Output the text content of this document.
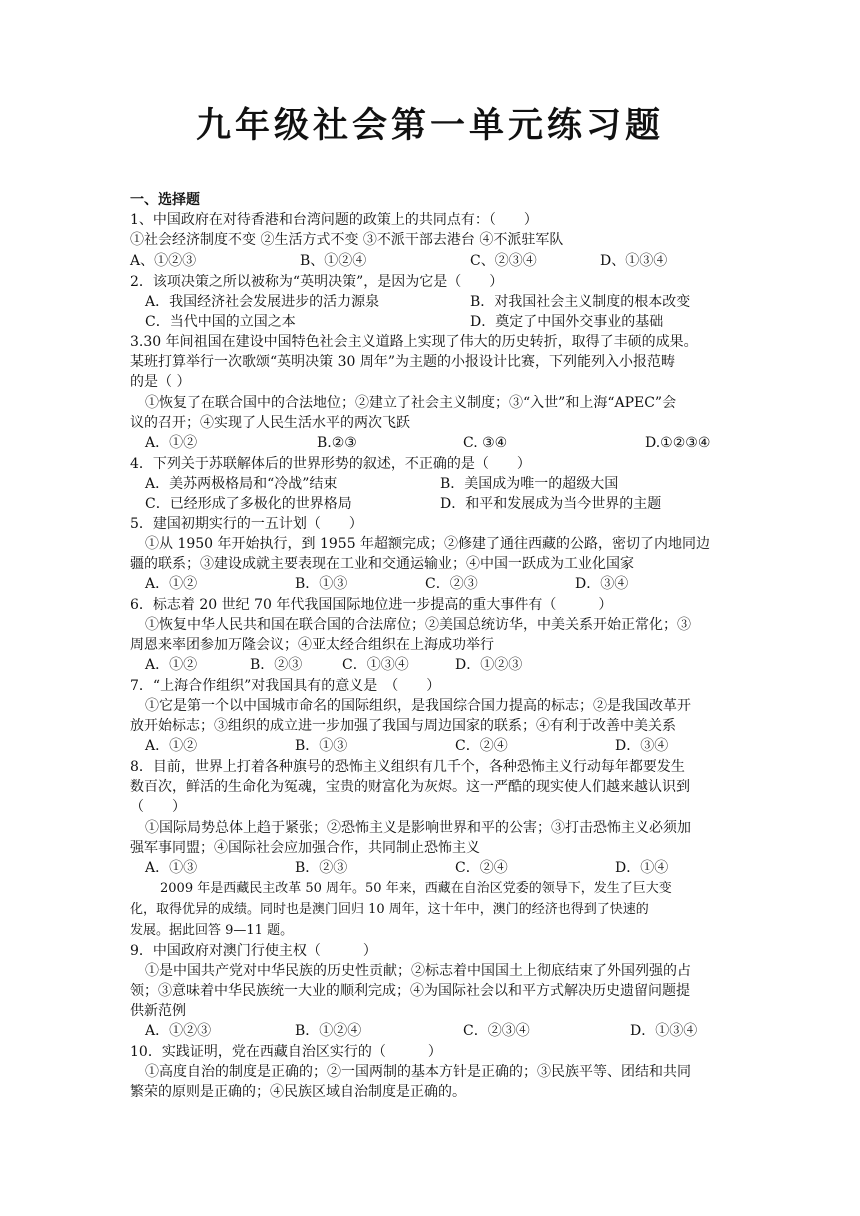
九年级社会第一单元练习题
一、选择题
1、中国政府在对待香港和台湾问题的政策上的共同点有：（　　）
①社会经济制度不变 ②生活方式不变 ③不派干部去港台 ④不派驻军队
A、①②③	B、①②④	C、②③④	D、①③④
2．该项决策之所以被称为“英明决策”，是因为它是（　　）
A．我国经济社会发展进步的活力源泉	B．对我国社会主义制度的根本改变
C．当代中国的立国之本	D．奠定了中国外交事业的基础
3.30 年间祖国在建设中国特色社会主义道路上实现了伟大的历史转折，取得了丰硕的成果。
某班打算举行一次歌颂“英明决策 30 周年”为主题的小报设计比赛，下列能列入小报范畴
的是（ ）
①恢复了在联合国中的合法地位；②建立了社会主义制度；③“入世”和上海“APEC”会
议的召开；④实现了人民生活水平的两次飞跃
A．①②	B.②③	C. ③④	D.①②③④
4．下列关于苏联解体后的世界形势的叙述，不正确的是（　　）
A．美苏两极格局和“冷战”结束	B．美国成为唯一的超级大国
C．已经形成了多极化的世界格局	D．和平和发展成为当今世界的主题
5．建国初期实行的一五计划（　　）
①从 1950 年开始执行，到 1955 年超额完成；②修建了通往西藏的公路，密切了内地同边
疆的联系；③建设成就主要表现在工业和交通运输业；④中国一跃成为工业化国家
A．①②	B．①③	C．②③	D．③④
6．标志着 20 世纪 70 年代我国国际地位进一步提高的重大事件有（　　　）
①恢复中华人民共和国在联合国的合法席位；②美国总统访华，中美关系开始正常化；③
周恩来率团参加万隆会议；④亚太经合组织在上海成功举行
A．①②	B．②③	C．①③④	D．①②③
7．“上海合作组织”对我国具有的意义是　（　　）
①它是第一个以中国城市命名的国际组织，是我国综合国力提高的标志；②是我国改革开
放开始标志；③组织的成立进一步加强了我国与周边国家的联系；④有利于改善中美关系
A．①②	B．①③	C．②④	D．③④
8．目前，世界上打着各种旗号的恐怖主义组织有几千个，各种恐怖主义行动每年都要发生
数百次，鲜活的生命化为冤魂，宝贵的财富化为灰烬。这一严酷的现实使人们越来越认识到
（　　）
①国际局势总体上趋于紧张；②恐怖主义是影响世界和平的公害；③打击恐怖主义必须加
强军事同盟；④国际社会应加强合作，共同制止恐怖主义
A．①③	B．②③	C．②④	D．①④
2009 年是西藏民主改革 50 周年。50 年来，西藏在自治区党委的领导下，发生了巨大变
化，取得优异的成绩。同时也是澳门回归 10 周年，这十年中，澳门的经济也得到了快速的
发展。据此回答 9—11 题。
9．中国政府对澳门行使主权（　　　）
①是中国共产党对中华民族的历史性贡献；②标志着中国国土上彻底结束了外国列强的占
领；③意味着中华民族统一大业的顺利完成；④为国际社会以和平方式解决历史遗留问题提
供新范例
A．①②③	B．①②④	C．②③④	D．①③④
10．实践证明，党在西藏自治区实行的（　　　）
①高度自治的制度是正确的；②一国两制的基本方针是正确的；③民族平等、团结和共同
繁荣的原则是正确的；④民族区域自治制度是正确的。
